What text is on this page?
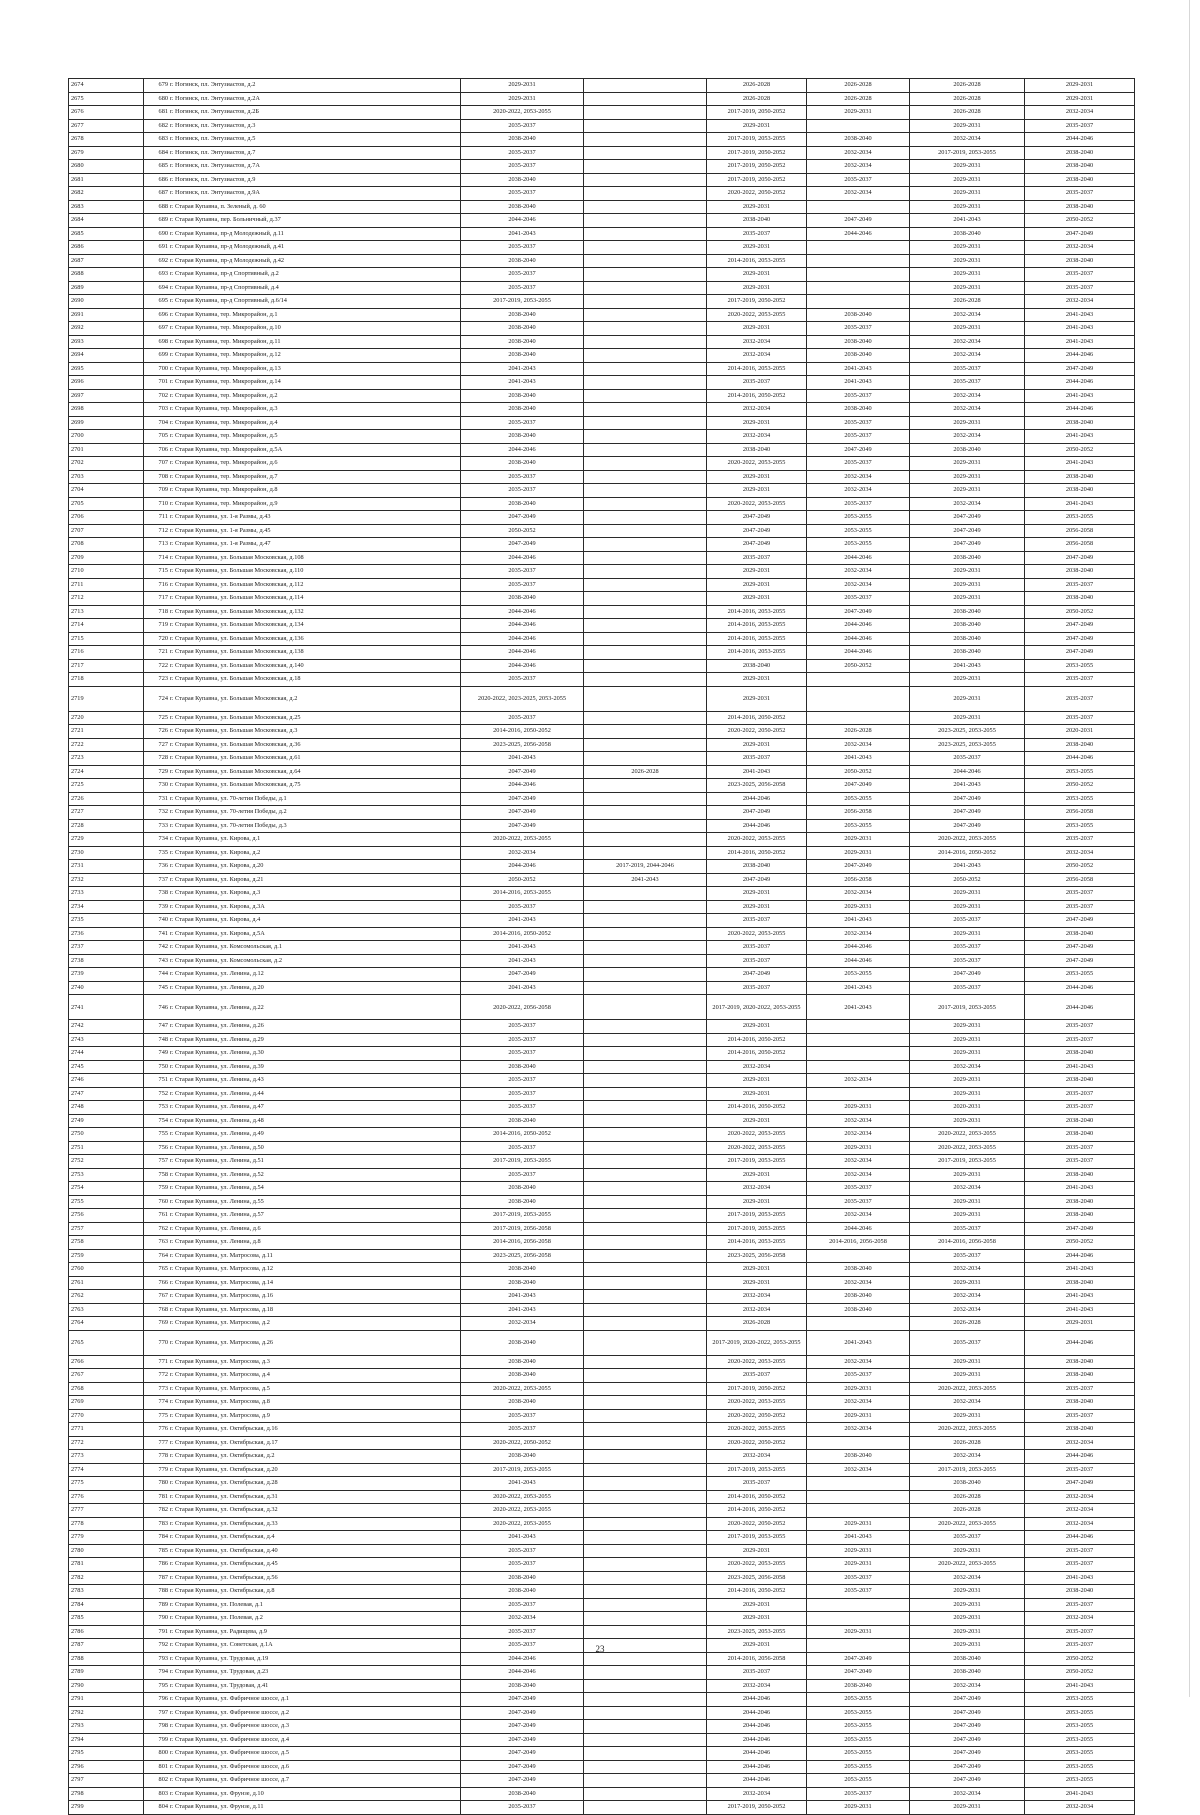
2674	679 г. Ногинск, пл. Энтузиастов, д.2	2029-2031		2026-2028	2026-2028	2026-2028	2029-2031
2675	680 г. Ногинск, пл. Энтузиастов, д.2А	2029-2031		2026-2028	2026-2028	2026-2028	2029-2031
2676	681 г. Ногинск, пл. Энтузиастов, д.2Б	2020-2022, 2053-2055		2017-2019, 2050-2052	2029-2031	2026-2028	2032-2034
2677	682 г. Ногинск, пл. Энтузиастов, д.3	2035-2037		2029-2031		2029-2031	2035-2037
2678	683 г. Ногинск, пл. Энтузиастов, д.5	2038-2040		2017-2019, 2053-2055	2038-2040	2032-2034	2044-2046
2679	684 г. Ногинск, пл. Энтузиастов, д.7	2035-2037		2017-2019, 2050-2052	2032-2034	2017-2019, 2053-2055	2038-2040
2680	685 г. Ногинск, пл. Энтузиастов, д.7А	2035-2037		2017-2019, 2050-2052	2032-2034	2029-2031	2038-2040
2681	686 г. Ногинск, пл. Энтузиастов, д.9	2038-2040		2017-2019, 2050-2052	2035-2037	2029-2031	2038-2040
2682	687 г. Ногинск, пл. Энтузиастов, д.9А	2035-2037		2020-2022, 2050-2052	2032-2034	2029-2031	2035-2037
2683	688 г. Старая Купавна, п. Зеленый, д. 60	2038-2040		2029-2031		2029-2031	2038-2040
2684	689 г. Старая Купавна, пер. Больничный, д.37	2044-2046		2038-2040	2047-2049	2041-2043	2050-2052
2685	690 г. Старая Купавна, пр-д Молодежный, д.11	2041-2043		2035-2037	2044-2046	2038-2040	2047-2049
2686	691 г. Старая Купавна, пр-д Молодежный, д.41	2035-2037		2029-2031		2029-2031	2032-2034
2687	692 г. Старая Купавна, пр-д Молодежный, д.42	2038-2040		2014-2016, 2053-2055		2029-2031	2038-2040
2688	693 г. Старая Купавна, пр-д Спортивный, д.2	2035-2037		2029-2031		2029-2031	2035-2037
2689	694 г. Старая Купавна, пр-д Спортивный, д.4	2035-2037		2029-2031		2029-2031	2035-2037
2690	695 г. Старая Купавна, пр-д Спортивный, д.6/14	2017-2019, 2053-2055		2017-2019, 2050-2052		2026-2028	2032-2034
2691	696 г. Старая Купавна, тер. Микрорайон, д.1	2038-2040		2020-2022, 2053-2055	2038-2040	2032-2034	2041-2043
2692	697 г. Старая Купавна, тер. Микрорайон, д.10	2038-2040		2029-2031	2035-2037	2029-2031	2041-2043
2693	698 г. Старая Купавна, тер. Микрорайон, д.11	2038-2040		2032-2034	2038-2040	2032-2034	2041-2043
2694	699 г. Старая Купавна, тер. Микрорайон, д.12	2038-2040		2032-2034	2038-2040	2032-2034	2044-2046
2695	700 г. Старая Купавна, тер. Микрорайон, д.13	2041-2043		2014-2016, 2053-2055	2041-2043	2035-2037	2047-2049
2696	701 г. Старая Купавна, тер. Микрорайон, д.14	2041-2043		2035-2037	2041-2043	2035-2037	2044-2046
2697	702 г. Старая Купавна, тер. Микрорайон, д.2	2038-2040		2014-2016, 2050-2052	2035-2037	2032-2034	2041-2043
2698	703 г. Старая Купавна, тер. Микрорайон, д.3	2038-2040		2032-2034	2038-2040	2032-2034	2044-2046
2699	704 г. Старая Купавна, тер. Микрорайон, д.4	2035-2037		2029-2031	2035-2037	2029-2031	2038-2040
2700	705 г. Старая Купавна, тер. Микрорайон, д.5	2038-2040		2032-2034	2035-2037	2032-2034	2041-2043
2701	706 г. Старая Купавна, тер. Микрорайон, д.5А	2044-2046		2038-2040	2047-2049	2038-2040	2050-2052
2702	707 г. Старая Купавна, тер. Микрорайон, д.6	2038-2040		2020-2022, 2053-2055	2035-2037	2029-2031	2041-2043
2703	708 г. Старая Купавна, тер. Микрорайон, д.7	2035-2037		2029-2031	2032-2034	2029-2031	2038-2040
2704	709 г. Старая Купавна, тер. Микрорайон, д.8	2035-2037		2029-2031	2032-2034	2029-2031	2038-2040
2705	710 г. Старая Купавна, тер. Микрорайон, д.9	2038-2040		2020-2022, 2053-2055	2035-2037	2032-2034	2041-2043
2706	711 г. Старая Купавна, ул. 1-я Размы, д.43	2047-2049		2047-2049	2053-2055	2047-2049	2053-2055
2707	712 г. Старая Купавна, ул. 1-я Размы, д.45	2050-2052		2047-2049	2053-2055	2047-2049	2056-2058
2708	713 г. Старая Купавна, ул. 1-я Размы, д.47	2047-2049		2047-2049	2053-2055	2047-2049	2056-2058
2709	714 г. Старая Купавна, ул. Большая Московская, д.108	2044-2046		2035-2037	2044-2046	2038-2040	2047-2049
2710	715 г. Старая Купавна, ул. Большая Московская, д.110	2035-2037		2029-2031	2032-2034	2029-2031	2038-2040
2711	716 г. Старая Купавна, ул. Большая Московская, д.112	2035-2037		2029-2031	2032-2034	2029-2031	2035-2037
2712	717 г. Старая Купавна, ул. Большая Московская, д.114	2038-2040		2029-2031	2035-2037	2029-2031	2038-2040
2713	718 г. Старая Купавна, ул. Большая Московская, д.132	2044-2046		2014-2016, 2053-2055	2047-2049	2038-2040	2050-2052
2714	719 г. Старая Купавна, ул. Большая Московская, д.134	2044-2046		2014-2016, 2053-2055	2044-2046	2038-2040	2047-2049
2715	720 г. Старая Купавна, ул. Большая Московская, д.136	2044-2046		2014-2016, 2053-2055	2044-2046	2038-2040	2047-2049
2716	721 г. Старая Купавна, ул. Большая Московская, д.138	2044-2046		2014-2016, 2053-2055	2044-2046	2038-2040	2047-2049
2717	722 г. Старая Купавна, ул. Большая Московская, д.140	2044-2046		2038-2040	2050-2052	2041-2043	2053-2055
2718	723 г. Старая Купавна, ул. Большая Московская, д.18	2035-2037		2029-2031		2029-2031	2035-2037
2719	724 г. Старая Купавна, ул. Большая Московская, д.2	2020-2022, 2023-2025, 2053-2055		2029-2031		2029-2031	2035-2037
2720	725 г. Старая Купавна, ул. Большая Московская, д.25	2035-2037		2014-2016, 2050-2052		2029-2031	2035-2037
2721	726 г. Старая Купавна, ул. Большая Московская, д.3	2014-2016, 2050-2052		2020-2022, 2050-2052	2026-2028	2023-2025, 2053-2055	2020-2031
2722	727 г. Старая Купавна, ул. Большая Московская, д.36	2023-2025, 2056-2058		2029-2031	2032-2034	2023-2025, 2053-2055	2038-2040
2723	728 г. Старая Купавна, ул. Большая Московская, д.61	2041-2043		2035-2037	2041-2043	2035-2037	2044-2046
2724	729 г. Старая Купавна, ул. Большая Московская, д.64	2047-2049	2026-2028	2041-2043	2050-2052	2044-2046	2053-2055
2725	730 г. Старая Купавна, ул. Большая Московская, д.75	2044-2046		2023-2025, 2056-2058	2047-2049	2041-2043	2050-2052
2726	731 г. Старая Купавна, ул. 70-летия Победы, д.1	2047-2049		2044-2046	2053-2055	2047-2049	2053-2055
2727	732 г. Старая Купавна, ул. 70-летия Победы, д.2	2047-2049		2047-2049	2056-2058	2047-2049	2056-2058
2728	733 г. Старая Купавна, ул. 70-летия Победы, д.3	2047-2049		2044-2046	2053-2055	2047-2049	2053-2055
2729	734 г. Старая Купавна, ул. Кирова, д.1	2020-2022, 2053-2055		2020-2022, 2053-2055	2029-2031	2020-2022, 2053-2055	2035-2037
2730	735 г. Старая Купавна, ул. Кирова, д.2	2032-2034		2014-2016, 2050-2052	2029-2031	2014-2016, 2050-2052	2032-2034
2731	736 г. Старая Купавна, ул. Кирова, д.20	2044-2046	2017-2019, 2044-2046	2038-2040	2047-2049	2041-2043	2050-2052
2732	737 г. Старая Купавна, ул. Кирова, д.21	2050-2052	2041-2043	2047-2049	2056-2058	2050-2052	2056-2058
2733	738 г. Старая Купавна, ул. Кирова, д.3	2014-2016, 2053-2055		2029-2031	2032-2034	2029-2031	2035-2037
2734	739 г. Старая Купавна, ул. Кирова, д.3А	2035-2037		2029-2031	2029-2031	2029-2031	2035-2037
2735	740 г. Старая Купавна, ул. Кирова, д.4	2041-2043		2035-2037	2041-2043	2035-2037	2047-2049
2736	741 г. Старая Купавна, ул. Кирова, д.5А	2014-2016, 2050-2052		2020-2022, 2053-2055	2032-2034	2029-2031	2038-2040
2737	742 г. Старая Купавна, ул. Комсомольская, д.1	2041-2043		2035-2037	2044-2046	2035-2037	2047-2049
2738	743 г. Старая Купавна, ул. Комсомольская, д.2	2041-2043		2035-2037	2044-2046	2035-2037	2047-2049
2739	744 г. Старая Купавна, ул. Ленина, д.12	2047-2049		2047-2049	2053-2055	2047-2049	2053-2055
2740	745 г. Старая Купавна, ул. Ленина, д.20	2041-2043		2035-2037	2041-2043	2035-2037	2044-2046
2741	746 г. Старая Купавна, ул. Ленина, д.22	2020-2022, 2056-2058		2017-2019, 2020-2022, 2053-2055	2041-2043	2017-2019, 2053-2055	2044-2046
2742	747 г. Старая Купавна, ул. Ленина, д.26	2035-2037		2029-2031		2029-2031	2035-2037
2743	748 г. Старая Купавна, ул. Ленина, д.29	2035-2037		2014-2016, 2050-2052		2029-2031	2035-2037
2744	749 г. Старая Купавна, ул. Ленина, д.30	2035-2037		2014-2016, 2050-2052		2029-2031	2038-2040
2745	750 г. Старая Купавна, ул. Ленина, д.39	2038-2040		2032-2034		2032-2034	2041-2043
2746	751 г. Старая Купавна, ул. Ленина, д.43	2035-2037		2029-2031	2032-2034	2029-2031	2038-2040
2747	752 г. Старая Купавна, ул. Ленина, д.44	2035-2037		2029-2031		2029-2031	2035-2037
2748	753 г. Старая Купавна, ул. Ленина, д.47	2035-2037		2014-2016, 2050-2052	2029-2031	2020-2031	2035-2037
2749	754 г. Старая Купавна, ул. Ленина, д.48	2038-2040		2029-2031	2032-2034	2029-2031	2038-2040
2750	755 г. Старая Купавна, ул. Ленина, д.49	2014-2016, 2050-2052		2020-2022, 2053-2055	2032-2034	2020-2022, 2053-2055	2038-2040
2751	756 г. Старая Купавна, ул. Ленина, д.50	2035-2037		2020-2022, 2053-2055	2029-2031	2020-2022, 2053-2055	2035-2037
2752	757 г. Старая Купавна, ул. Ленина, д.51	2017-2019, 2053-2055		2017-2019, 2053-2055	2032-2034	2017-2019, 2053-2055	2035-2037
2753	758 г. Старая Купавна, ул. Ленина, д.52	2035-2037		2029-2031	2032-2034	2029-2031	2038-2040
2754	759 г. Старая Купавна, ул. Ленина, д.54	2038-2040		2032-2034	2035-2037	2032-2034	2041-2043
2755	760 г. Старая Купавна, ул. Ленина, д.55	2038-2040		2029-2031	2035-2037	2029-2031	2038-2040
2756	761 г. Старая Купавна, ул. Ленина, д.57	2017-2019, 2053-2055		2017-2019, 2053-2055	2032-2034	2029-2031	2038-2040
2757	762 г. Старая Купавна, ул. Ленина, д.6	2017-2019, 2056-2058		2017-2019, 2053-2055	2044-2046	2035-2037	2047-2049
2758	763 г. Старая Купавна, ул. Ленина, д.8	2014-2016, 2056-2058		2014-2016, 2053-2055	2014-2016, 2056-2058	2014-2016, 2056-2058	2050-2052
2759	764 г. Старая Купавна, ул. Матросова, д.11	2023-2025, 2056-2058		2023-2025, 2056-2058		2035-2037	2044-2046
2760	765 г. Старая Купавна, ул. Матросова, д.12	2038-2040		2029-2031	2038-2040	2032-2034	2041-2043
2761	766 г. Старая Купавна, ул. Матросова, д.14	2038-2040		2029-2031	2032-2034	2029-2031	2038-2040
2762	767 г. Старая Купавна, ул. Матросова, д.16	2041-2043		2032-2034	2038-2040	2032-2034	2041-2043
2763	768 г. Старая Купавна, ул. Матросова, д.18	2041-2043		2032-2034	2038-2040	2032-2034	2041-2043
2764	769 г. Старая Купавна, ул. Матросова, д.2	2032-2034		2026-2028		2026-2028	2029-2031
2765	770 г. Старая Купавна, ул. Матросова, д.26	2038-2040		2017-2019, 2020-2022, 2053-2055	2041-2043	2035-2037	2044-2046
2766	771 г. Старая Купавна, ул. Матросова, д.3	2038-2040		2020-2022, 2053-2055	2032-2034	2029-2031	2038-2040
2767	772 г. Старая Купавна, ул. Матросова, д.4	2038-2040		2035-2037	2035-2037	2029-2031	2038-2040
2768	773 г. Старая Купавна, ул. Матросова, д.5	2020-2022, 2053-2055		2017-2019, 2050-2052	2029-2031	2020-2022, 2053-2055	2035-2037
2769	774 г. Старая Купавна, ул. Матросова, д.8	2038-2040		2020-2022, 2053-2055	2032-2034	2032-2034	2038-2040
2770	775 г. Старая Купавна, ул. Матросова, д.9	2035-2037		2020-2022, 2050-2052	2029-2031	2029-2031	2035-2037
2771	776 г. Старая Купавна, ул. Октябрьская, д.16	2035-2037		2020-2022, 2053-2055	2032-2034	2020-2022, 2053-2055	2038-2040
2772	777 г. Старая Купавна, ул. Октябрьская, д.17	2020-2022, 2050-2052		2020-2022, 2050-2052		2026-2028	2032-2034
2773	778 г. Старая Купавна, ул. Октябрьская, д.2	2038-2040		2032-2034	2038-2040	2032-2034	2044-2046
2774	779 г. Старая Купавна, ул. Октябрьская, д.20	2017-2019, 2053-2055		2017-2019, 2053-2055	2032-2034	2017-2019, 2053-2055	2035-2037
2775	780 г. Старая Купавна, ул. Октябрьская, д.28	2041-2043		2035-2037		2038-2040	2047-2049
2776	781 г. Старая Купавна, ул. Октябрьская, д.31	2020-2022, 2053-2055		2014-2016, 2050-2052		2026-2028	2032-2034
2777	782 г. Старая Купавна, ул. Октябрьская, д.32	2020-2022, 2053-2055		2014-2016, 2050-2052		2026-2028	2032-2034
2778	783 г. Старая Купавна, ул. Октябрьская, д.33	2020-2022, 2053-2055		2020-2022, 2050-2052	2029-2031	2020-2022, 2053-2055	2032-2034
2779	784 г. Старая Купавна, ул. Октябрьская, д.4	2041-2043		2017-2019, 2053-2055	2041-2043	2035-2037	2044-2046
2780	785 г. Старая Купавна, ул. Октябрьская, д.40	2035-2037		2029-2031	2029-2031	2029-2031	2035-2037
2781	786 г. Старая Купавна, ул. Октябрьская, д.45	2035-2037		2020-2022, 2053-2055	2029-2031	2020-2022, 2053-2055	2035-2037
2782	787 г. Старая Купавна, ул. Октябрьская, д.56	2038-2040		2023-2025, 2056-2058	2035-2037	2032-2034	2041-2043
2783	788 г. Старая Купавна, ул. Октябрьская, д.8	2038-2040		2014-2016, 2050-2052	2035-2037	2029-2031	2038-2040
2784	789 г. Старая Купавна, ул. Полевая, д.1	2035-2037		2029-2031		2029-2031	2035-2037
2785	790 г. Старая Купавна, ул. Полевая, д.2	2032-2034		2029-2031		2029-2031	2032-2034
2786	791 г. Старая Купавна, ул. Радищева, д.9	2035-2037		2023-2025, 2053-2055	2029-2031	2029-2031	2035-2037
2787	792 г. Старая Купавна, ул. Советская, д.1А	2035-2037		2029-2031		2029-2031	2035-2037
2788	793 г. Старая Купавна, ул. Трудовая, д.19	2044-2046		2014-2016, 2056-2058	2047-2049	2038-2040	2050-2052
2789	794 г. Старая Купавна, ул. Трудовая, д.23	2044-2046		2035-2037	2047-2049	2038-2040	2050-2052
2790	795 г. Старая Купавна, ул. Трудовая, д.41	2038-2040		2032-2034	2038-2040	2032-2034	2041-2043
2791	796 г. Старая Купавна, ул. Фабричное шоссе, д.1	2047-2049		2044-2046	2053-2055	2047-2049	2053-2055
2792	797 г. Старая Купавна, ул. Фабричное шоссе, д.2	2047-2049		2044-2046	2053-2055	2047-2049	2053-2055
2793	798 г. Старая Купавна, ул. Фабричное шоссе, д.3	2047-2049		2044-2046	2053-2055	2047-2049	2053-2055
2794	799 г. Старая Купавна, ул. Фабричное шоссе, д.4	2047-2049		2044-2046	2053-2055	2047-2049	2053-2055
2795	800 г. Старая Купавна, ул. Фабричное шоссе, д.5	2047-2049		2044-2046	2053-2055	2047-2049	2053-2055
2796	801 г. Старая Купавна, ул. Фабричное шоссе, д.6	2047-2049		2044-2046	2053-2055	2047-2049	2053-2055
2797	802 г. Старая Купавна, ул. Фабричное шоссе, д.7	2047-2049		2044-2046	2053-2055	2047-2049	2053-2055
2798	803 г. Старая Купавна, ул. Фрунзе, д.10	2038-2040		2032-2034	2035-2037	2032-2034	2041-2043
2799	804 г. Старая Купавна, ул. Фрунзе, д.11	2035-2037		2017-2019, 2050-2052	2029-2031	2029-2031	2032-2034
23
